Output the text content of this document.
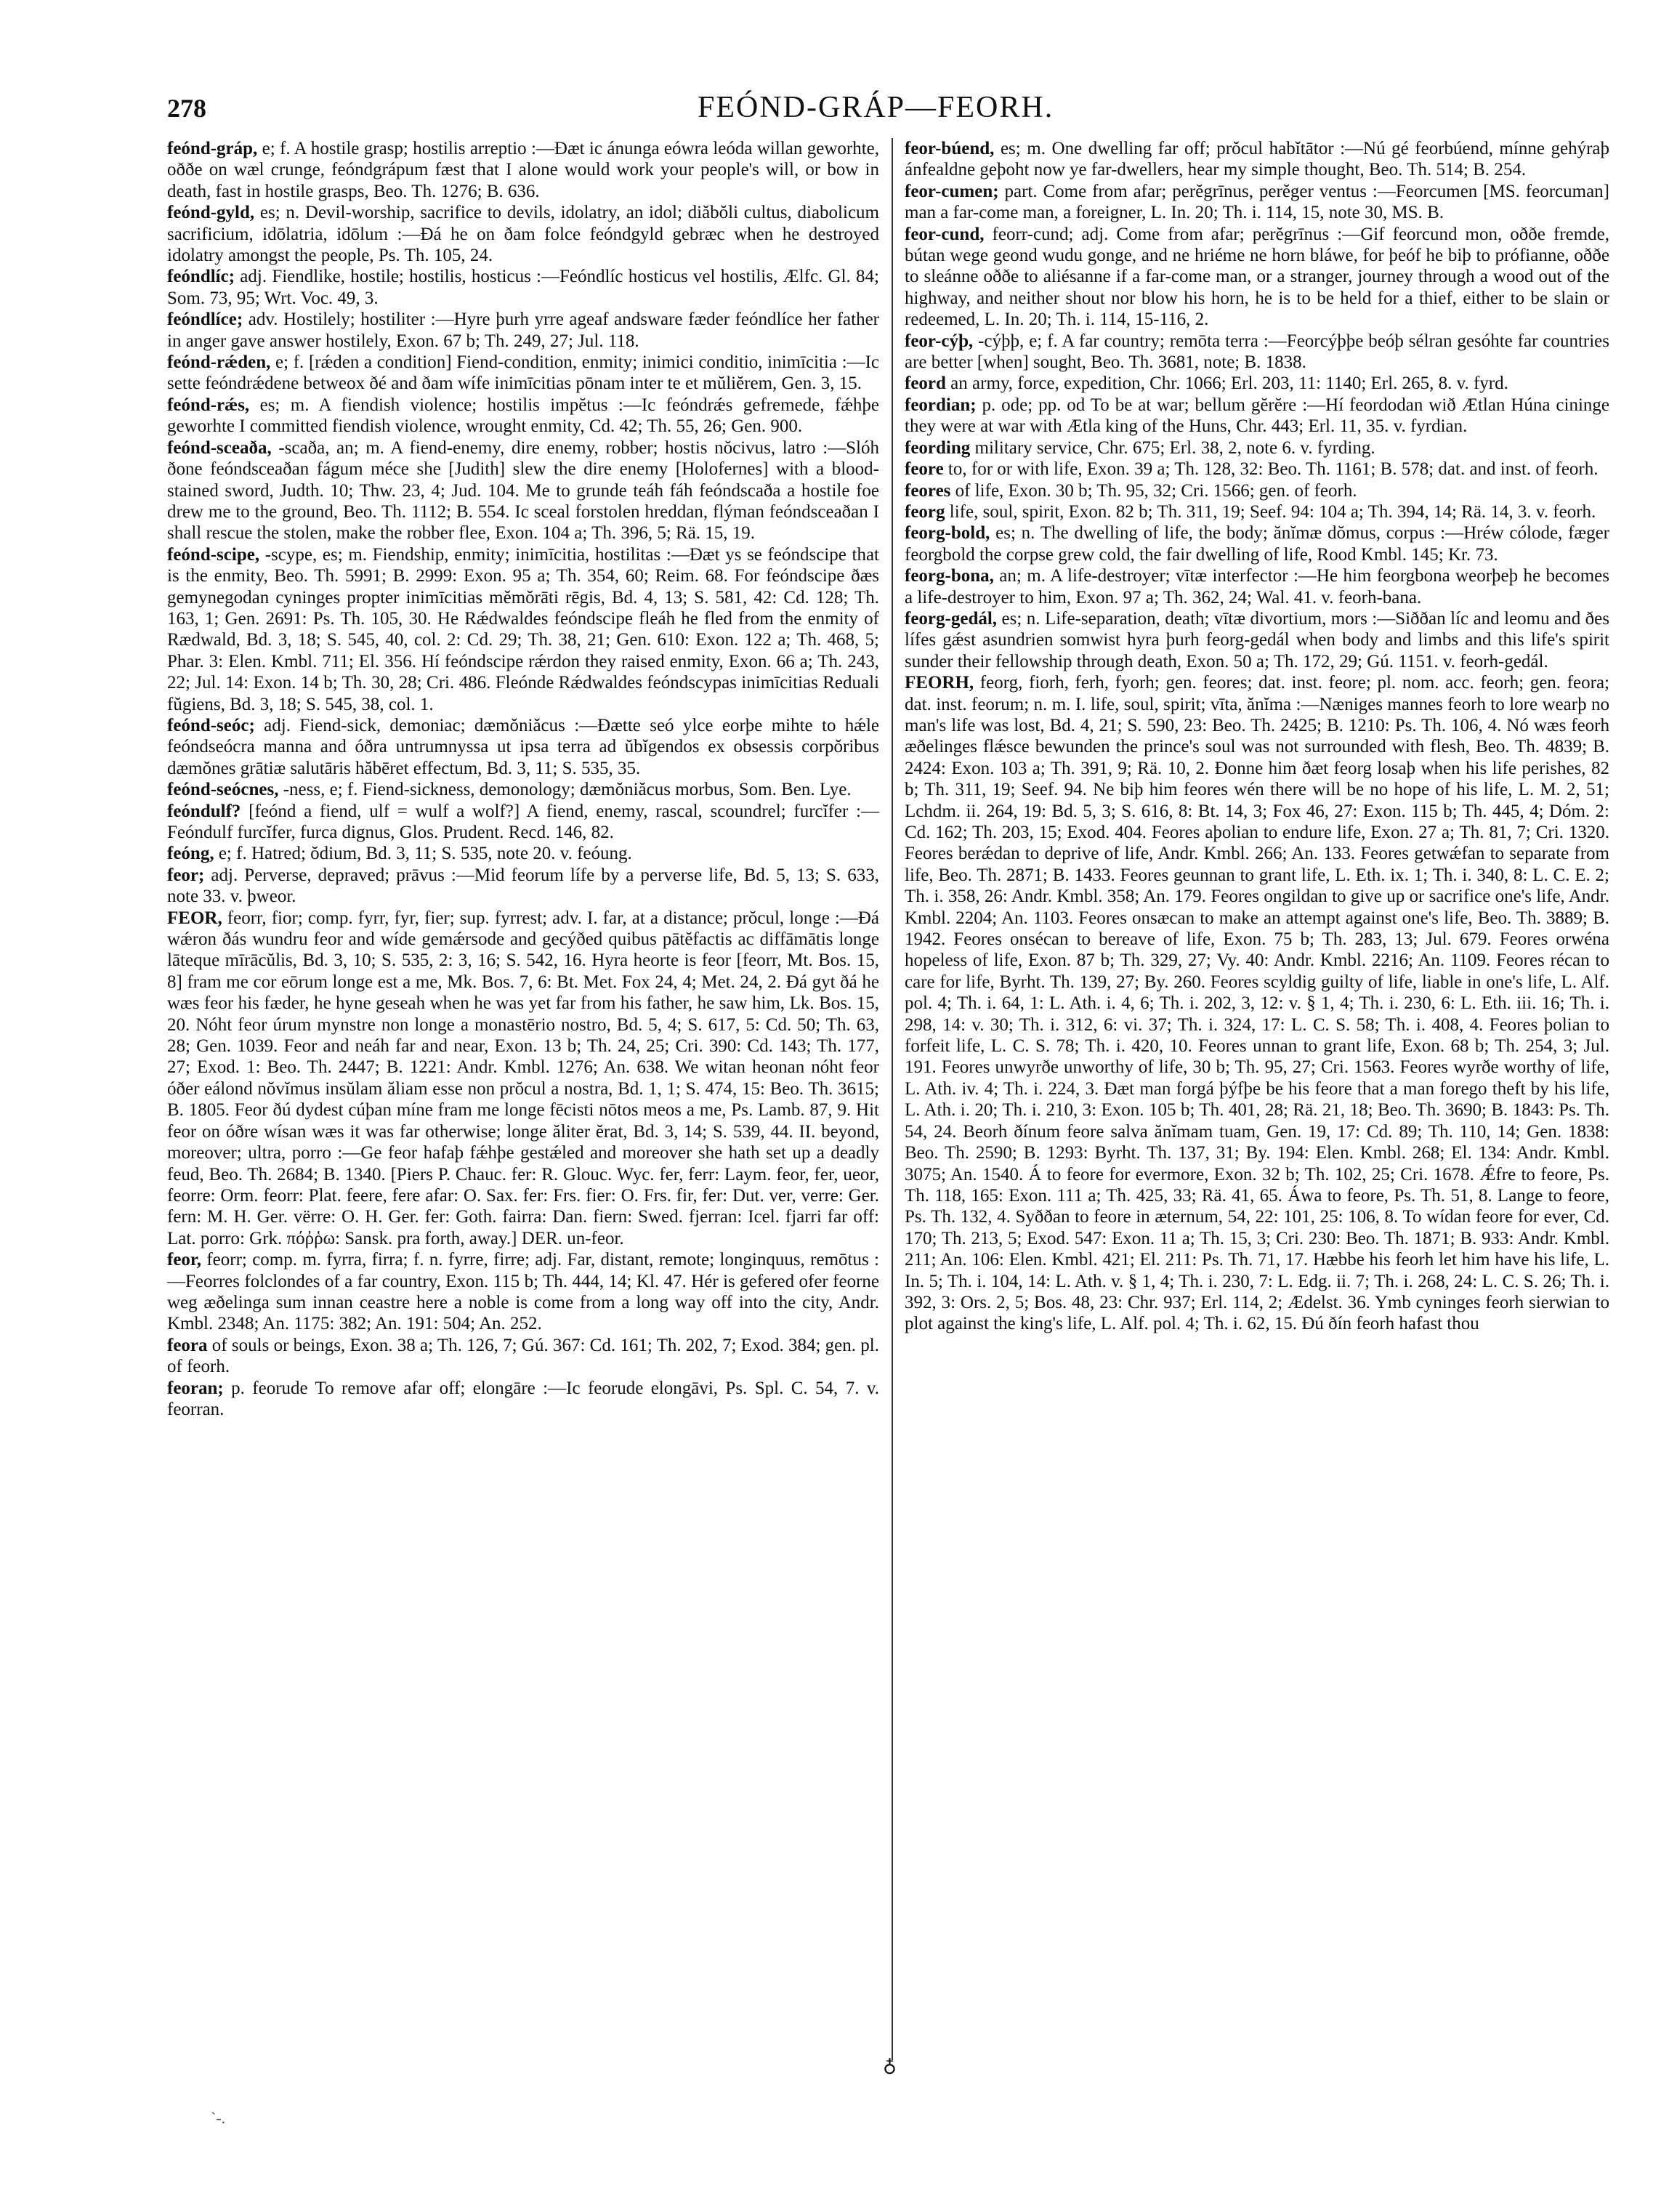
278	FEÓND-GRÁP—FEORH.

feónd-gráp, e; f. A hostile grasp; hostilis arreptio :—Ðæt ic ánunga eówra leóda willan geworhte, oððe on wæl crunge, feóndgrápum fæst that I alone would work your people's will, or bow in death, fast in hostile grasps, Beo. Th. 1276; B. 636.

feónd-gyld, es; n. Devil-worship, sacrifice to devils, idolatry, an idol; diăbŏli cultus, diabolicum sacrificium, idōlatria, idōlum :—Ðá he on ðam folce feóndgyld gebræc when he destroyed idolatry amongst the people, Ps. Th. 105, 24.

feóndlíc; adj. Fiendlike, hostile; hostilis, hosticus :—Feóndlíc hosticus vel hostilis, Ælfc. Gl. 84; Som. 73, 95; Wrt. Voc. 49, 3.

feóndlíce; adv. Hostilely; hostiliter :—Hyre þurh yrre ageaf andsware fæder feóndlíce her father in anger gave answer hostilely, Exon. 67 b; Th. 249, 27; Jul. 118.

feónd-rǽden, e; f. [rǽden a condition] Fiend-condition, enmity; inimici conditio, inimīcitia :—Ic sette feóndrǽdene betweox ðé and ðam wífe inimīcitias pōnam inter te et mŭliĕrem, Gen. 3, 15.

feónd-rǽs, es; m. A fiendish violence; hostilis impĕtus :—Ic feóndrǽs gefremede, fǽhþe geworhte I committed fiendish violence, wrought enmity, Cd. 42; Th. 55, 26; Gen. 900.

feónd-sceaða, -scaða, an; m. A fiend-enemy, dire enemy, robber; hostis nŏcivus, latro :—Slóh ðone feóndsceaðan fágum méce she [Judith] slew the dire enemy [Holofernes] with a blood-stained sword, Judth. 10; Thw. 23, 4; Jud. 104. Me to grunde teáh fáh feóndscaða a hostile foe drew me to the ground, Beo. Th. 1112; B. 554. Ic sceal forstolen hreddan, flýman feóndsceaðan I shall rescue the stolen, make the robber flee, Exon. 104 a; Th. 396, 5; Rä. 15, 19.

feónd-scipe, -scype, es; m. Fiendship, enmity; inimīcitia, hostilitas :—Ðæt ys se feóndscipe that is the enmity, Beo. Th. 5991; B. 2999: Exon. 95 a; Th. 354, 60; Reim. 68. For feóndscipe ðæs gemynegodan cyninges propter inimīcitias mĕmŏrāti rēgis, Bd. 4, 13; S. 581, 42: Cd. 128; Th. 163, 1; Gen. 2691: Ps. Th. 105, 30. He Rǽdwaldes feóndscipe fleáh he fled from the enmity of Rædwald, Bd. 3, 18; S. 545, 40, col. 2: Cd. 29; Th. 38, 21; Gen. 610: Exon. 122 a; Th. 468, 5; Phar. 3: Elen. Kmbl. 711; El. 356. Hí feóndscipe rǽrdon they raised enmity, Exon. 66 a; Th. 243, 22; Jul. 14: Exon. 14 b; Th. 30, 28; Cri. 486. Fleónde Rǽdwaldes feóndscypas inimīcitias Reduali fŭgiens, Bd. 3, 18; S. 545, 38, col. 1.

feónd-seóc; adj. Fiend-sick, demoniac; dæmŏniăcus :—Ðætte seó ylce eorþe mihte to hǽle feóndseócra manna and óðra untrumnyssa ut ipsa terra ad ŭbĭgendos ex obsessis corpŏribus dæmŏnes grātiæ salutāris hăbēret effectum, Bd. 3, 11; S. 535, 35.

feónd-seócnes, -ness, e; f. Fiend-sickness, demonology; dæmŏniăcus morbus, Som. Ben. Lye.

feóndulf? [feónd a fiend, ulf = wulf a wolf?] A fiend, enemy, rascal, scoundrel; furcĭfer :—Feóndulf furcĭfer, furca dignus, Glos. Prudent. Recd. 146, 82.

feóng, e; f. Hatred; ŏdium, Bd. 3, 11; S. 535, note 20. v. feóung.

feor; adj. Perverse, depraved; prāvus :—Mid feorum lífe by a perverse life, Bd. 5, 13; S. 633, note 33. v. þweor.

FEOR, feorr, fior; comp. fyrr, fyr, fier; sup. fyrrest; adv. I. far, at a distance; prŏcul, longe :—Ðá wǽron ðás wundru feor and wíde gemǽrsode and gecýðed quibus pātĕfactis ac diffāmātis longe lāteque mīrācŭlis, Bd. 3, 10; S. 535, 2: 3, 16; S. 542, 16. Hyra heorte is feor [feorr, Mt. Bos. 15, 8] fram me cor eōrum longe est a me, Mk. Bos. 7, 6: Bt. Met. Fox 24, 4; Met. 24, 2. Ðá gyt ðá he wæs feor his fæder, he hyne geseah when he was yet far from his father, he saw him, Lk. Bos. 15, 20. Nóht feor úrum mynstre non longe a monastērio nostro, Bd. 5, 4; S. 617, 5: Cd. 50; Th. 63, 28; Gen. 1039. Feor and neáh far and near, Exon. 13 b; Th. 24, 25; Cri. 390: Cd. 143; Th. 177, 27; Exod. 1: Beo. Th. 2447; B. 1221: Andr. Kmbl. 1276; An. 638. We witan heonan nóht feor óðer eálond nŏvĭmus insŭlam ăliam esse non prŏcul a nostra, Bd. 1, 1; S. 474, 15: Beo. Th. 3615; B. 1805. Feor ðú dydest cúþan míne fram me longe fēcisti nōtos meos a me, Ps. Lamb. 87, 9. Hit feor on óðre wísan wæs it was far otherwise; longe ăliter ĕrat, Bd. 3, 14; S. 539, 44. II. beyond, moreover; ultra, porro :—Ge feor hafaþ fǽhþe gestǽled and moreover she hath set up a deadly feud, Beo. Th. 2684; B. 1340. [Piers P. Chauc. fer: R. Glouc. Wyc. fer, ferr: Laym. feor, fer, ueor, feorre: Orm. feorr: Plat. feere, fere afar: O. Sax. fer: Frs. fier: O. Frs. fir, fer: Dut. ver, verre: Ger. fern: M. H. Ger. vërre: O. H. Ger. fer: Goth. fairra: Dan. fiern: Swed. fjerran: Icel. fjarri far off: Lat. porro: Grk. πόῤῥω: Sansk. pra forth, away.] DER. un-feor.

feor, feorr; comp. m. fyrra, firra; f. n. fyrre, firre; adj. Far, distant, remote; longinquus, remōtus :—Feorres folclondes of a far country, Exon. 115 b; Th. 444, 14; Kl. 47. Hér is gefered ofer feorne weg æðelinga sum innan ceastre here a noble is come from a long way off into the city, Andr. Kmbl. 2348; An. 1175: 382; An. 191: 504; An. 252.

feora of souls or beings, Exon. 38 a; Th. 126, 7; Gú. 367: Cd. 161; Th. 202, 7; Exod. 384; gen. pl. of feorh.

feoran; p. feorude To remove afar off; elongāre :—Ic feorude elongāvi, Ps. Spl. C. 54, 7. v. feorran.

♁

feor-búend, es; m. One dwelling far off; prŏcul habĭtātor :—Nú gé feorbúend, mínne gehýraþ ánfealdne geþoht now ye far-dwellers, hear my simple thought, Beo. Th. 514; B. 254.

feor-cumen; part. Come from afar; perĕgrīnus, perĕger ventus :—Feorcumen [MS. feorcuman] man a far-come man, a foreigner, L. In. 20; Th. i. 114, 15, note 30, MS. B.

feor-cund, feorr-cund; adj. Come from afar; perĕgrīnus :—Gif feorcund mon, oððe fremde, bútan wege geond wudu gonge, and ne hriéme ne horn bláwe, for þeóf he biþ to prófianne, oððe to sleánne oððe to aliésanne if a far-come man, or a stranger, journey through a wood out of the highway, and neither shout nor blow his horn, he is to be held for a thief, either to be slain or redeemed, L. In. 20; Th. i. 114, 15-116, 2.

feor-cýþ, -cýþþ, e; f. A far country; remōta terra :—Feorcýþþe beóþ sélran gesóhte far countries are better [when] sought, Beo. Th. 3681, note; B. 1838.

feord an army, force, expedition, Chr. 1066; Erl. 203, 11: 1140; Erl. 265, 8. v. fyrd.

feordian; p. ode; pp. od To be at war; bellum gĕrĕre :—Hí feordodan wið Ætlan Húna cininge they were at war with Ætla king of the Huns, Chr. 443; Erl. 11, 35. v. fyrdian.

feording military service, Chr. 675; Erl. 38, 2, note 6. v. fyrding.

feore to, for or with life, Exon. 39 a; Th. 128, 32: Beo. Th. 1161; B. 578; dat. and inst. of feorh.

feores of life, Exon. 30 b; Th. 95, 32; Cri. 1566; gen. of feorh.

feorg life, soul, spirit, Exon. 82 b; Th. 311, 19; Seef. 94: 104 a; Th. 394, 14; Rä. 14, 3. v. feorh.

feorg-bold, es; n. The dwelling of life, the body; ănĭmæ dŏmus, corpus :—Hréw cólode, fæger feorgbold the corpse grew cold, the fair dwelling of life, Rood Kmbl. 145; Kr. 73.

feorg-bona, an; m. A life-destroyer; vītæ interfector :—He him feorgbona weorþeþ he becomes a life-destroyer to him, Exon. 97 a; Th. 362, 24; Wal. 41. v. feorh-bana.

feorg-gedál, es; n. Life-separation, death; vītæ divortium, mors :—Siððan líc and leomu and ðes lífes gǽst asundrien somwist hyra þurh feorg-gedál when body and limbs and this life's spirit sunder their fellowship through death, Exon. 50 a; Th. 172, 29; Gú. 1151. v. feorh-gedál.

FEORH, feorg, fiorh, ferh, fyorh; gen. feores; dat. inst. feore; pl. nom. acc. feorh; gen. feora; dat. inst. feorum; n. m. I. life, soul, spirit; vīta, ănĭma :—Næniges mannes feorh to lore wearþ no man's life was lost, Bd. 4, 21; S. 590, 23: Beo. Th. 2425; B. 1210: Ps. Th. 106, 4. Nó wæs feorh æðelinges flǽsce bewunden the prince's soul was not surrounded with flesh, Beo. Th. 4839; B. 2424: Exon. 103 a; Th. 391, 9; Rä. 10, 2. Ðonne him ðæt feorg losaþ when his life perishes, 82 b; Th. 311, 19; Seef. 94. Ne biþ him feores wén there will be no hope of his life, L. M. 2, 51; Lchdm. ii. 264, 19: Bd. 5, 3; S. 616, 8: Bt. 14, 3; Fox 46, 27: Exon. 115 b; Th. 445, 4; Dóm. 2: Cd. 162; Th. 203, 15; Exod. 404. Feores aþolian to endure life, Exon. 27 a; Th. 81, 7; Cri. 1320. Feores berǽdan to deprive of life, Andr. Kmbl. 266; An. 133. Feores getwǽfan to separate from life, Beo. Th. 2871; B. 1433. Feores geunnan to grant life, L. Eth. ix. 1; Th. i. 340, 8: L. C. E. 2; Th. i. 358, 26: Andr. Kmbl. 358; An. 179. Feores ongildan to give up or sacrifice one's life, Andr. Kmbl. 2204; An. 1103. Feores onsæcan to make an attempt against one's life, Beo. Th. 3889; B. 1942. Feores onsécan to bereave of life, Exon. 75 b; Th. 283, 13; Jul. 679. Feores orwéna hopeless of life, Exon. 87 b; Th. 329, 27; Vy. 40: Andr. Kmbl. 2216; An. 1109. Feores récan to care for life, Byrht. Th. 139, 27; By. 260. Feores scyldig guilty of life, liable in one's life, L. Alf. pol. 4; Th. i. 64, 1: L. Ath. i. 4, 6; Th. i. 202, 3, 12: v. § 1, 4; Th. i. 230, 6: L. Eth. iii. 16; Th. i. 298, 14: v. 30; Th. i. 312, 6: vi. 37; Th. i. 324, 17: L. C. S. 58; Th. i. 408, 4. Feores þolian to forfeit life, L. C. S. 78; Th. i. 420, 10. Feores unnan to grant life, Exon. 68 b; Th. 254, 3; Jul. 191. Feores unwyrðe unworthy of life, 30 b; Th. 95, 27; Cri. 1563. Feores wyrðe worthy of life, L. Ath. iv. 4; Th. i. 224, 3. Ðæt man forgá þýfþe be his feore that a man forego theft by his life, L. Ath. i. 20; Th. i. 210, 3: Exon. 105 b; Th. 401, 28; Rä. 21, 18; Beo. Th. 3690; B. 1843: Ps. Th. 54, 24. Beorh ðínum feore salva ănĭmam tuam, Gen. 19, 17: Cd. 89; Th. 110, 14; Gen. 1838: Beo. Th. 2590; B. 1293: Byrht. Th. 137, 31; By. 194: Elen. Kmbl. 268; El. 134: Andr. Kmbl. 3075; An. 1540. Á to feore for evermore, Exon. 32 b; Th. 102, 25; Cri. 1678. Ǽfre to feore, Ps. Th. 118, 165: Exon. 111 a; Th. 425, 33; Rä. 41, 65. Áwa to feore, Ps. Th. 51, 8. Lange to feore, Ps. Th. 132, 4. Syððan to feore in æternum, 54, 22: 101, 25: 106, 8. To wídan feore for ever, Cd. 170; Th. 213, 5; Exod. 547: Exon. 11 a; Th. 15, 3; Cri. 230: Beo. Th. 1871; B. 933: Andr. Kmbl. 211; An. 106: Elen. Kmbl. 421; El. 211: Ps. Th. 71, 17. Hæbbe his feorh let him have his life, L. In. 5; Th. i. 104, 14: L. Ath. v. § 1, 4; Th. i. 230, 7: L. Edg. ii. 7; Th. i. 268, 24: L. C. S. 26; Th. i. 392, 3: Ors. 2, 5; Bos. 48, 23: Chr. 937; Erl. 114, 2; Ædelst. 36. Ymb cyninges feorh sierwian to plot against the king's life, L. Alf. pol. 4; Th. i. 62, 15. Ðú ðín feorh hafast thou

`-.
